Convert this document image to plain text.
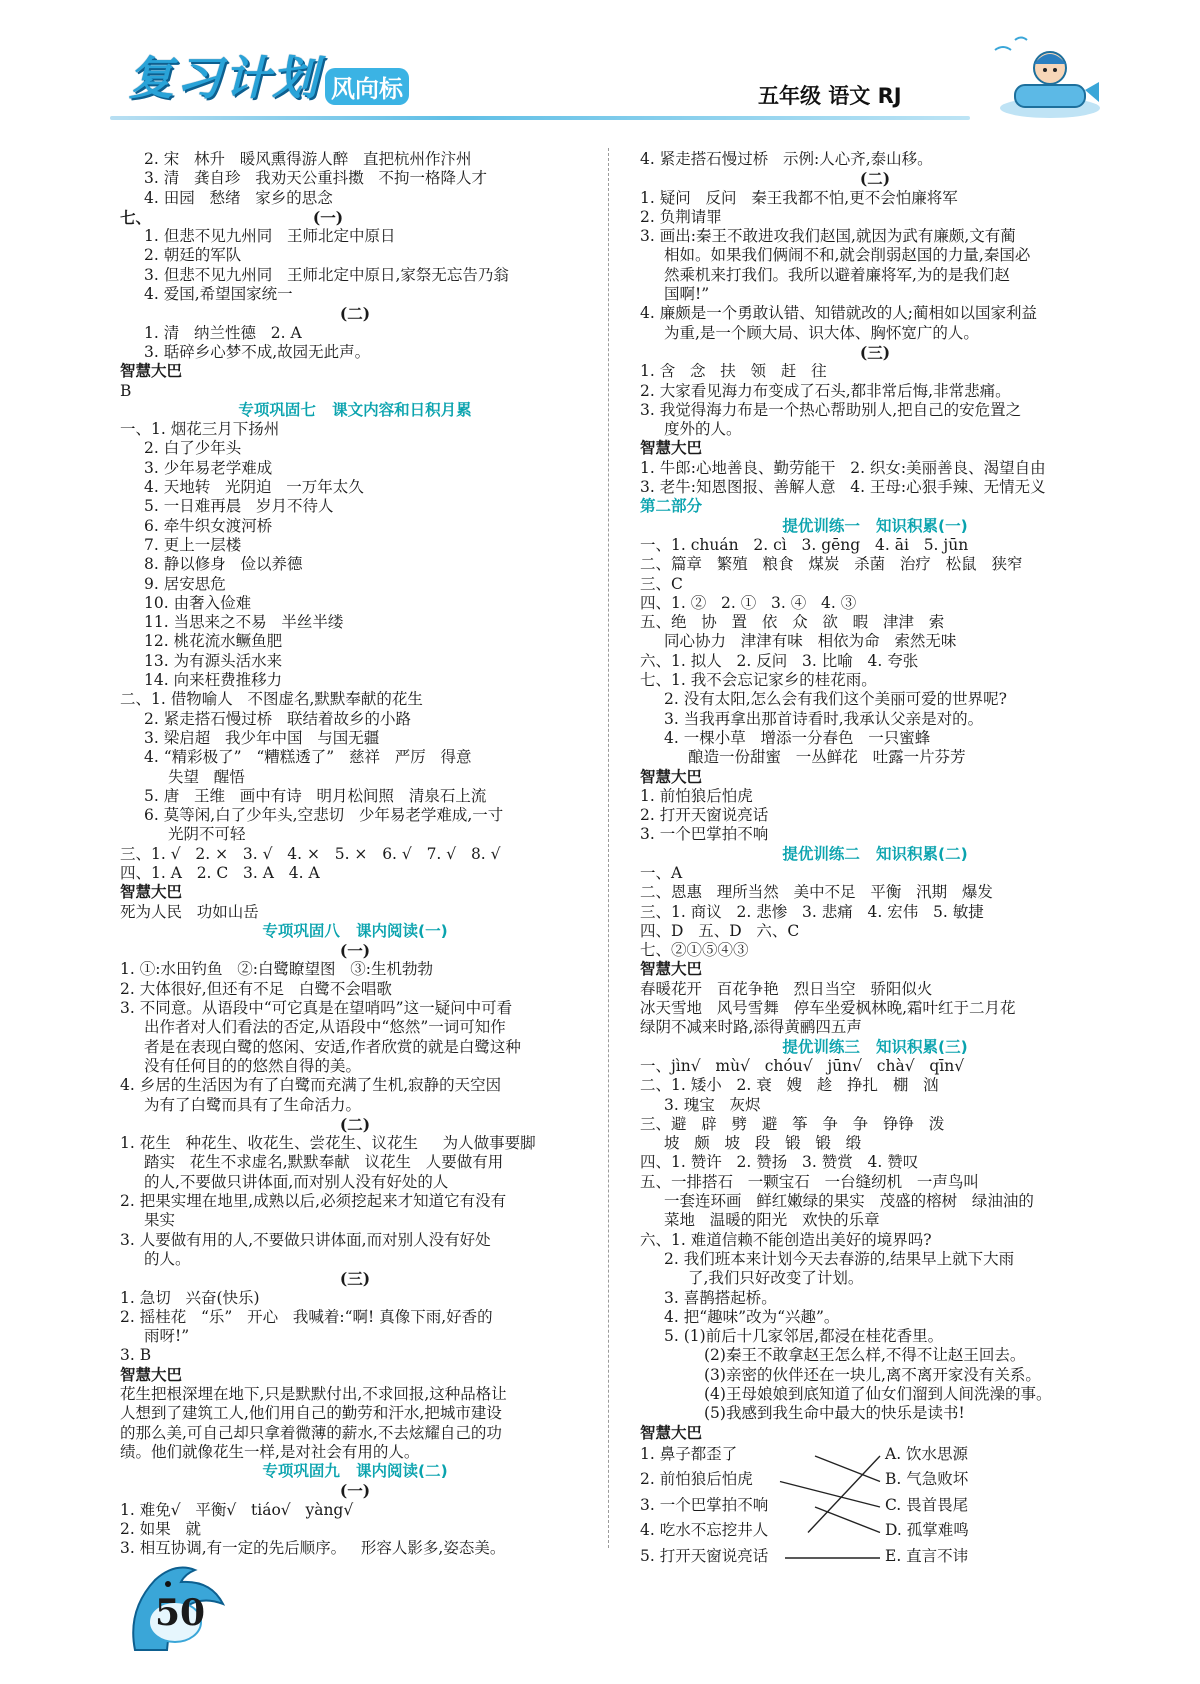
复习计划 风向标	五年级 语文 RJ
2. 宋   林升   暖风熏得游人醉   直把杭州作汴州
3. 清   龚自珍   我劝天公重抖擞   不拘一格降人才
4. 田园   愁绪   家乡的思念
七、                              (一)
1. 但悲不见九州同   王师北定中原日
2. 朝廷的军队
3. 但悲不见九州同   王师北定中原日,家祭无忘告乃翁
4. 爱国,希望国家统一
(二)
1. 清   纳兰性德   2. A
3. 聒碎乡心梦不成,故园无此声。
智慧大巴
B
专项巩固七   课文内容和日积月累
一、1. 烟花三月下扬州
2. 白了少年头
3. 少年易老学难成
4. 天地转   光阴迫   一万年太久
5. 一日难再晨   岁月不待人
6. 牵牛织女渡河桥
7. 更上一层楼
8. 静以修身   俭以养德
9. 居安思危
10. 由奢入俭难
11. 当思来之不易   半丝半缕
12. 桃花流水鳜鱼肥
13. 为有源头活水来
14. 向来枉费推移力
二、1. 借物喻人   不图虚名,默默奉献的花生
2. 紧走搭石慢过桥   联结着故乡的小路
3. 梁启超   我少年中国   与国无疆
4. “精彩极了”   “糟糕透了”   慈祥   严厉   得意
失望   醒悟
5. 唐   王维   画中有诗   明月松间照   清泉石上流
6. 莫等闲,白了少年头,空悲切   少年易老学难成,一寸
光阴不可轻
三、1. √   2. ×   3. √   4. ×   5. ×   6. √   7. √   8. √
四、1. A   2. C   3. A   4. A
智慧大巴
死为人民   功如山岳
专项巩固八   课内阅读(一)
(一)
1. ①:水田钓鱼   ②:白鹭瞭望图   ③:生机勃勃
2. 大体很好,但还有不足   白鹭不会唱歌
3. 不同意。从语段中“可它真是在望哨吗”这一疑问中可看
出作者对人们看法的否定,从语段中“悠然”一词可知作
者是在表现白鹭的悠闲、安适,作者欣赏的就是白鹭这种
没有任何目的的悠然自得的美。
4. 乡居的生活因为有了白鹭而充满了生机,寂静的天空因
为有了白鹭而具有了生命活力。
(二)
1. 花生   种花生、收花生、尝花生、议花生     为人做事要脚
踏实   花生不求虚名,默默奉献   议花生   人要做有用
的人,不要做只讲体面,而对别人没有好处的人
2. 把果实埋在地里,成熟以后,必须挖起来才知道它有没有
果实
3. 人要做有用的人,不要做只讲体面,而对别人没有好处
的人。
(三)
1. 急切   兴奋(快乐)
2. 摇桂花   “乐”   开心   我喊着:“啊! 真像下雨,好香的
雨呀!”
3. B
智慧大巴
花生把根深埋在地下,只是默默付出,不求回报,这种品格让
人想到了建筑工人,他们用自己的勤劳和汗水,把城市建设
的那么美,可自己却只拿着微薄的薪水,不去炫耀自己的功
绩。他们就像花生一样,是对社会有用的人。
专项巩固九   课内阅读(二)
(一)
1. 难免√   平衡√   tiáo√   yàng√
2. 如果   就
3. 相互协调,有一定的先后顺序。   形容人影多,姿态美。
4. 紧走搭石慢过桥   示例:人心齐,泰山移。
(二)
1. 疑问   反问   秦王我都不怕,更不会怕廉将军
2. 负荆请罪
3. 画出:秦王不敢进攻我们赵国,就因为武有廉颇,文有蔺
相如。如果我们俩闹不和,就会削弱赵国的力量,秦国必
然乘机来打我们。我所以避着廉将军,为的是我们赵
国啊!”
4. 廉颇是一个勇敢认错、知错就改的人;蔺相如以国家利益
为重,是一个顾大局、识大体、胸怀宽广的人。
(三)
1. 含   念   扶   领   赶   往
2. 大家看见海力布变成了石头,都非常后悔,非常悲痛。
3. 我觉得海力布是一个热心帮助别人,把自己的安危置之
度外的人。
智慧大巴
1. 牛郎:心地善良、勤劳能干   2. 织女:美丽善良、渴望自由
3. 老牛:知恩图报、善解人意   4. 王母:心狠手辣、无情无义
第二部分
提优训练一   知识积累(一)
一、1. chuán   2. cì   3. gēng   4. āi   5. jūn
二、篇章   繁殖   粮食   煤炭   杀菌   治疗   松鼠   狭窄
三、C
四、1. ②   2. ①   3. ④   4. ③
五、绝   协   置   依   众   欲   暇   津津   索
同心协力   津津有味   相依为命   索然无味
六、1. 拟人   2. 反问   3. 比喻   4. 夸张
七、1. 我不会忘记家乡的桂花雨。
2. 没有太阳,怎么会有我们这个美丽可爱的世界呢?
3. 当我再拿出那首诗看时,我承认父亲是对的。
4. 一棵小草   增添一分春色   一只蜜蜂
酿造一份甜蜜   一丛鲜花   吐露一片芬芳
智慧大巴
1. 前怕狼后怕虎
2. 打开天窗说亮话
3. 一个巴掌拍不响
提优训练二   知识积累(二)
一、A
二、恩惠   理所当然   美中不足   平衡   汛期   爆发
三、1. 商议   2. 悲惨   3. 悲痛   4. 宏伟   5. 敏捷
四、D   五、D   六、C
七、②①⑤④③
智慧大巴
春暖花开   百花争艳   烈日当空   骄阳似火
冰天雪地   风号雪舞   停车坐爱枫林晚,霜叶红于二月花
绿阴不减来时路,添得黄鹂四五声
提优训练三   知识积累(三)
一、jìn√   mù√   chóu√   jūn√   chà√   qīn√
二、1. 矮小   2. 衰   嫂   趁   挣扎   棚   汹
3. 瑰宝   灰烬
三、避   辟   劈   避   筝   争   争   铮铮   泼
坡   颇   坡   段   锻   锻   缎
四、1. 赞许   2. 赞扬   3. 赞赏   4. 赞叹
五、一排搭石   一颗宝石   一台缝纫机   一声鸟叫
一套连环画   鲜红嫩绿的果实   茂盛的榕树   绿油油的
菜地   温暖的阳光   欢快的乐章
六、1. 难道信赖不能创造出美好的境界吗?
2. 我们班本来计划今天去春游的,结果早上就下大雨
了,我们只好改变了计划。
3. 喜鹊搭起桥。
4. 把“趣味”改为“兴趣”。
5. (1)前后十几家邻居,都浸在桂花香里。
(2)秦王不敢拿赵王怎么样,不得不让赵王回去。
(3)亲密的伙伴还在一块儿,离不离开家没有关系。
(4)王母娘娘到底知道了仙女们溜到人间洗澡的事。
(5)我感到我生命中最大的快乐是读书!
智慧大巴
1. 鼻子都歪了
2. 前怕狼后怕虎
3. 一个巴掌拍不响
4. 吃水不忘挖井人
5. 打开天窗说亮话
A. 饮水思源
B. 气急败坏
C. 畏首畏尾
D. 孤掌难鸣
E. 直言不讳
50
